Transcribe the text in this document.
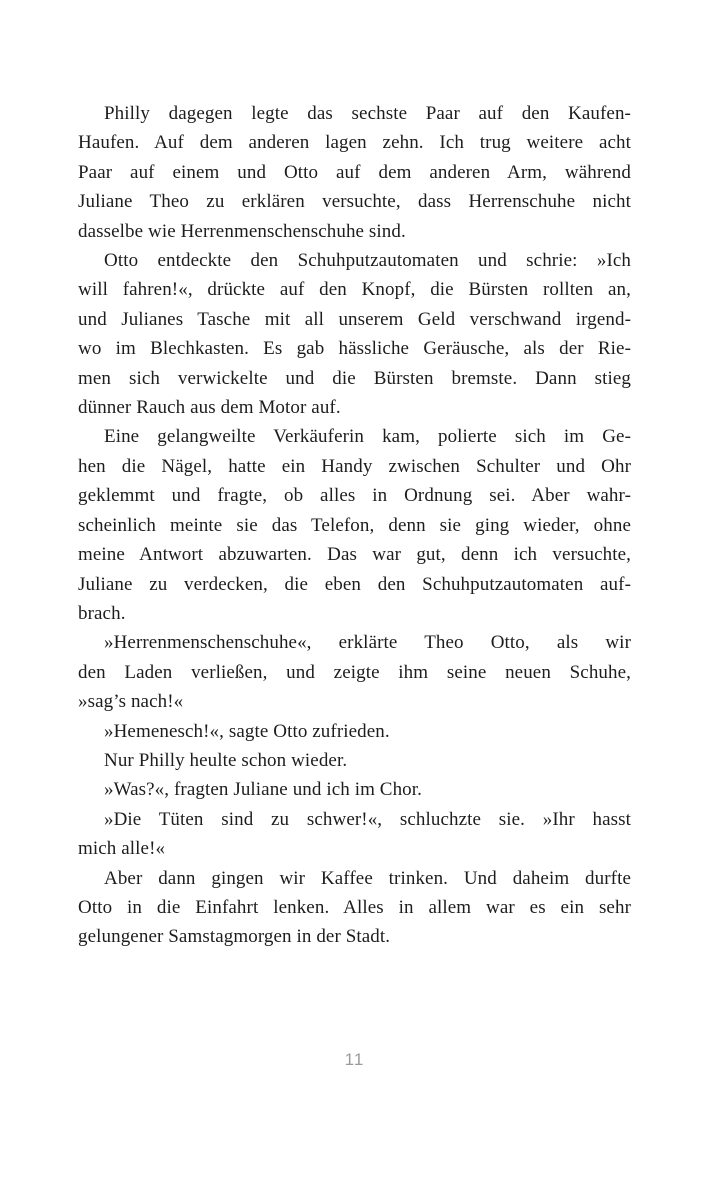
Philly dagegen legte das sechste Paar auf den Kaufen-
Haufen. Auf dem anderen lagen zehn. Ich trug weitere acht
Paar auf einem und Otto auf dem anderen Arm, während
Juliane Theo zu erklären versuchte, dass Herrenschuhe nicht
dasselbe wie Herrenmenschenschuhe sind.
Otto entdeckte den Schuhputzautomaten und schrie: »Ich
will fahren!«, drückte auf den Knopf, die Bürsten rollten an,
und Julianes Tasche mit all unserem Geld verschwand irgend-
wo im Blechkasten. Es gab hässliche Geräusche, als der Rie-
men sich verwickelte und die Bürsten bremste. Dann stieg
dünner Rauch aus dem Motor auf.
Eine gelangweilte Verkäuferin kam, polierte sich im Ge-
hen die Nägel, hatte ein Handy zwischen Schulter und Ohr
geklemmt und fragte, ob alles in Ordnung sei. Aber wahr-
scheinlich meinte sie das Telefon, denn sie ging wieder, ohne
meine Antwort abzuwarten. Das war gut, denn ich versuchte,
Juliane zu verdecken, die eben den Schuhputzautomaten auf-
brach.
»Herrenmenschenschuhe«, erklärte Theo Otto, als wir
den Laden verließen, und zeigte ihm seine neuen Schuhe,
»sag’s nach!«
»Hemenesch!«, sagte Otto zufrieden.
Nur Philly heulte schon wieder.
»Was?«, fragten Juliane und ich im Chor.
»Die Tüten sind zu schwer!«, schluchzte sie. »Ihr hasst
mich alle!«
Aber dann gingen wir Kaffee trinken. Und daheim durfte
Otto in die Einfahrt lenken. Alles in allem war es ein sehr
gelungener Samstagmorgen in der Stadt.
11
